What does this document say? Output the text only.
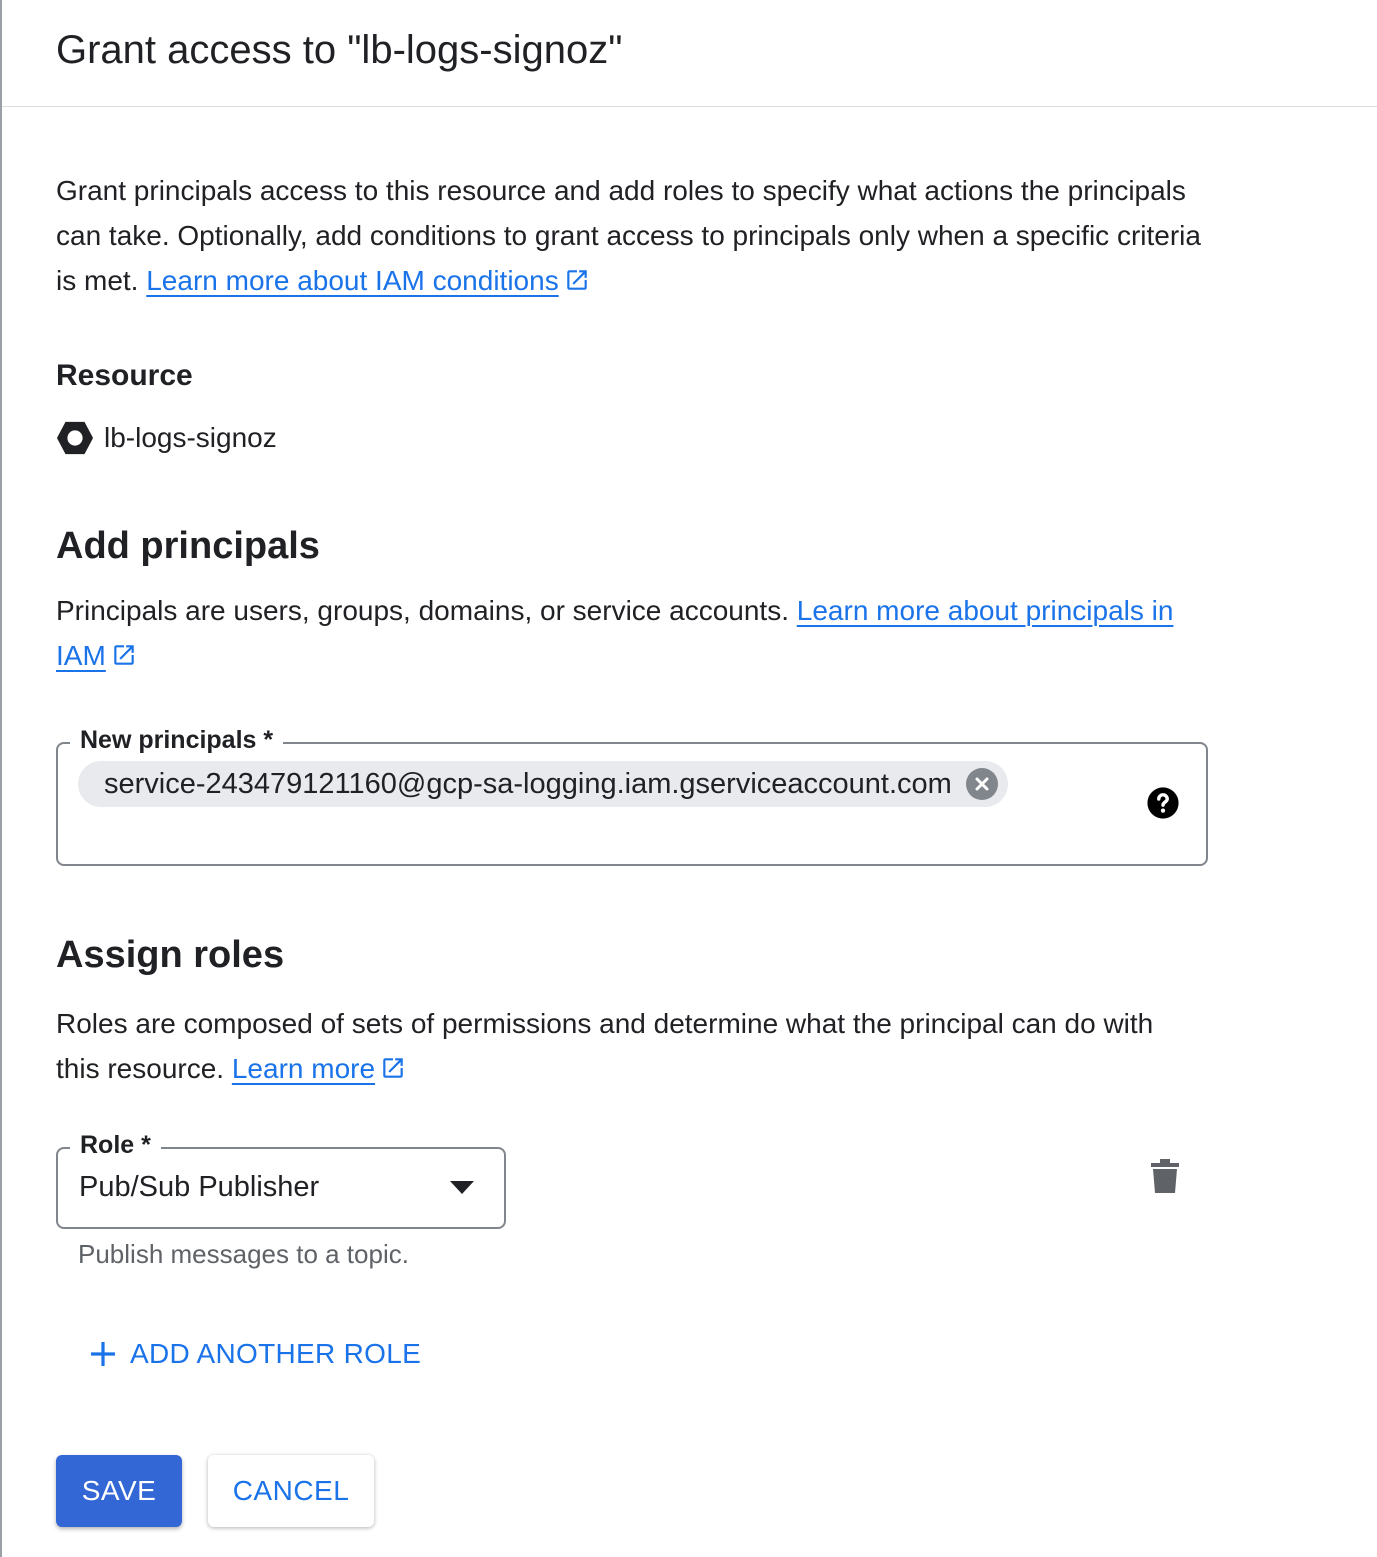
Grant access to "lb-logs-signoz"

Grant principals access to this resource and add roles to specify what actions the principals can take. Optionally, add conditions to grant access to principals only when a specific criteria is met. Learn more about IAM conditions

Resource
lb-logs-signoz
Add principals

Principals are users, groups, domains, or service accounts. Learn more about principals in IAM

New principals *
service-243479121160@gcp-sa-logging.iam.gserviceaccount.com
Assign roles

Roles are composed of sets of permissions and determine what the principal can do with this resource. Learn more

Role *
Pub/Sub Publisher

Publish messages to a topic.

ADD ANOTHER ROLE
SAVE	CANCEL
